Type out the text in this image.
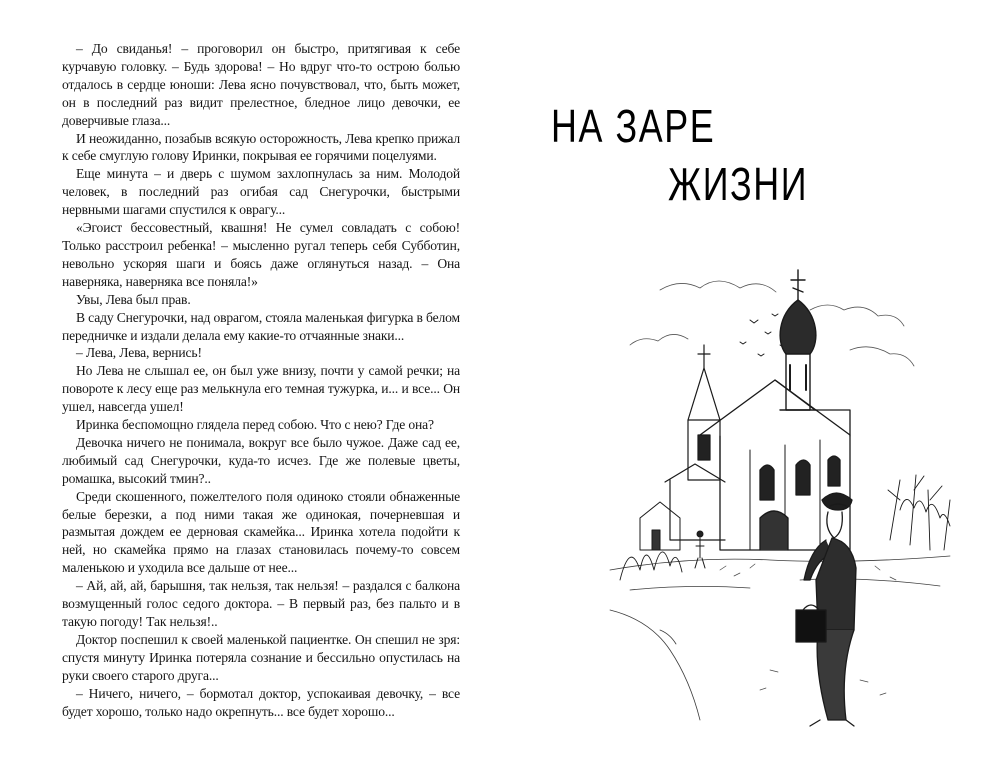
– До свиданья! – проговорил он быстро, притягивая к себе курчавую головку. – Будь здорова! – Но вдруг что-то острою болью отдалось в сердце юноши: Лева ясно почувствовал, что, быть может, он в последний раз видит прелестное, бледное лицо девочки, ее доверчивые глаза...

И неожиданно, позабыв всякую осторожность, Лева крепко прижал к себе смуглую голову Иринки, покрывая ее горячими поцелуями.

Еще минута – и дверь с шумом захлопнулась за ним. Молодой человек, в последний раз огибая сад Снегурочки, быстрыми нервными шагами спустился к оврагу...

«Эгоист бессовестный, квашня! Не сумел совладать с собою! Только расстроил ребенка! – мысленно ругал теперь себя Субботин, невольно ускоряя шаги и боясь даже оглянуться назад. – Она наверняка, наверняка все поняла!»

Увы, Лева был прав.

В саду Снегурочки, над оврагом, стояла маленькая фигурка в белом передничке и издали делала ему какие-то отчаянные знаки...

– Лева, Лева, вернись!

Но Лева не слышал ее, он был уже внизу, почти у самой речки; на повороте к лесу еще раз мелькнула его темная тужурка, и... и все... Он ушел, навсегда ушел!

Иринка беспомощно глядела перед собою. Что с нею? Где она?

Девочка ничего не понимала, вокруг все было чужое. Даже сад ее, любимый сад Снегурочки, куда-то исчез. Где же полевые цветы, ромашка, высокий тмин?..

Среди скошенного, пожелтелого поля одиноко стояли обнаженные белые березки, а под ними такая же одинокая, почерневшая и размытая дождем ее дерновая скамейка... Иринка хотела подойти к ней, но скамейка прямо на глазах становилась почему-то совсем маленькою и уходила все дальше от нее...

– Ай, ай, ай, барышня, так нельзя, так нельзя! – раздался с балкона возмущенный голос седого доктора. – В первый раз, без пальто и в такую погоду! Так нельзя!..

Доктор поспешил к своей маленькой пациентке. Он спешил не зря: спустя минуту Иринка потеряла сознание и бессильно опустилась на руки своего старого друга...

– Ничего, ничего, – бормотал доктор, успокаивая девочку, – все будет хорошо, только надо окрепнуть... все будет хорошо...

НА ЗАРЕ
ЖИЗНИ
